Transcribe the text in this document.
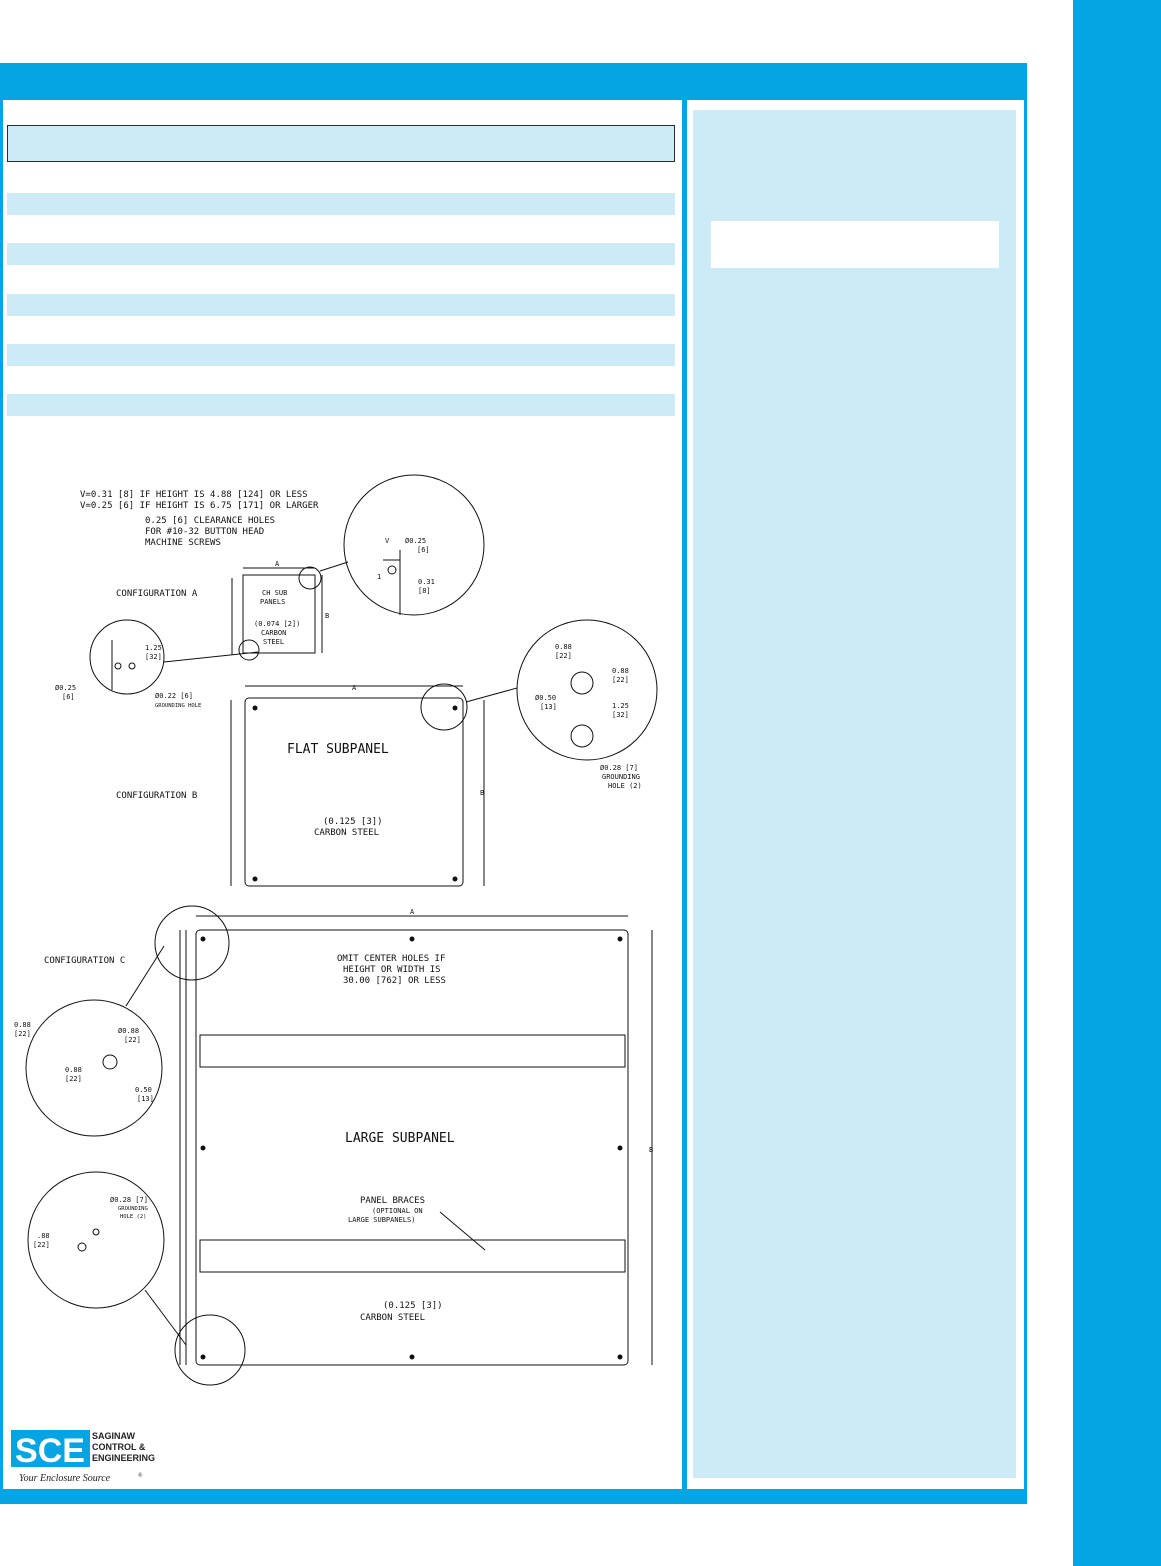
V=0.31 [8] IF HEIGHT IS 4.88 [124] OR LESS
V=0.25 [6] IF HEIGHT IS 6.75 [171] OR LARGER
0.25 [6] CLEARANCE HOLES
FOR #10-32 BUTTON HEAD
MACHINE SCREWS
CONFIGURATION A
CONFIGURATION B
CONFIGURATION C
A
B
CH SUB
PANELS
(0.074 [2])
CARBON
STEEL
V Ø0.25
[6]
1
0.31
[8]
1.25
[32]
Ø0.25
[6]	Ø0.22 [6]
GROUNDING HOLE
A
B
0.88
[22]
0.88
[22]
Ø0.50
[13]	1.25
[32]
Ø0.28 [7]
GROUNDING
HOLE (2)
A
B
0.88
[22]	Ø0.88
[22]
0.88
[22]
0.50
[13]
Ø0.28 [7]
GROUNDING
HOLE (2)
.88
[22]
(0.125 [3])
CARBON STEEL
OMIT CENTER HOLES IF
HEIGHT OR WIDTH IS
30.00 [762] OR LESS
PANEL BRACES
(OPTIONAL ON
LARGE SUBPANELS)
(0.125 [3])
CARBON STEEL
FLAT SUBPANEL
LARGE SUBPANEL
SCE SAGINAW
CONTROL &
ENGINEERING
Your Enclosure Source	®
